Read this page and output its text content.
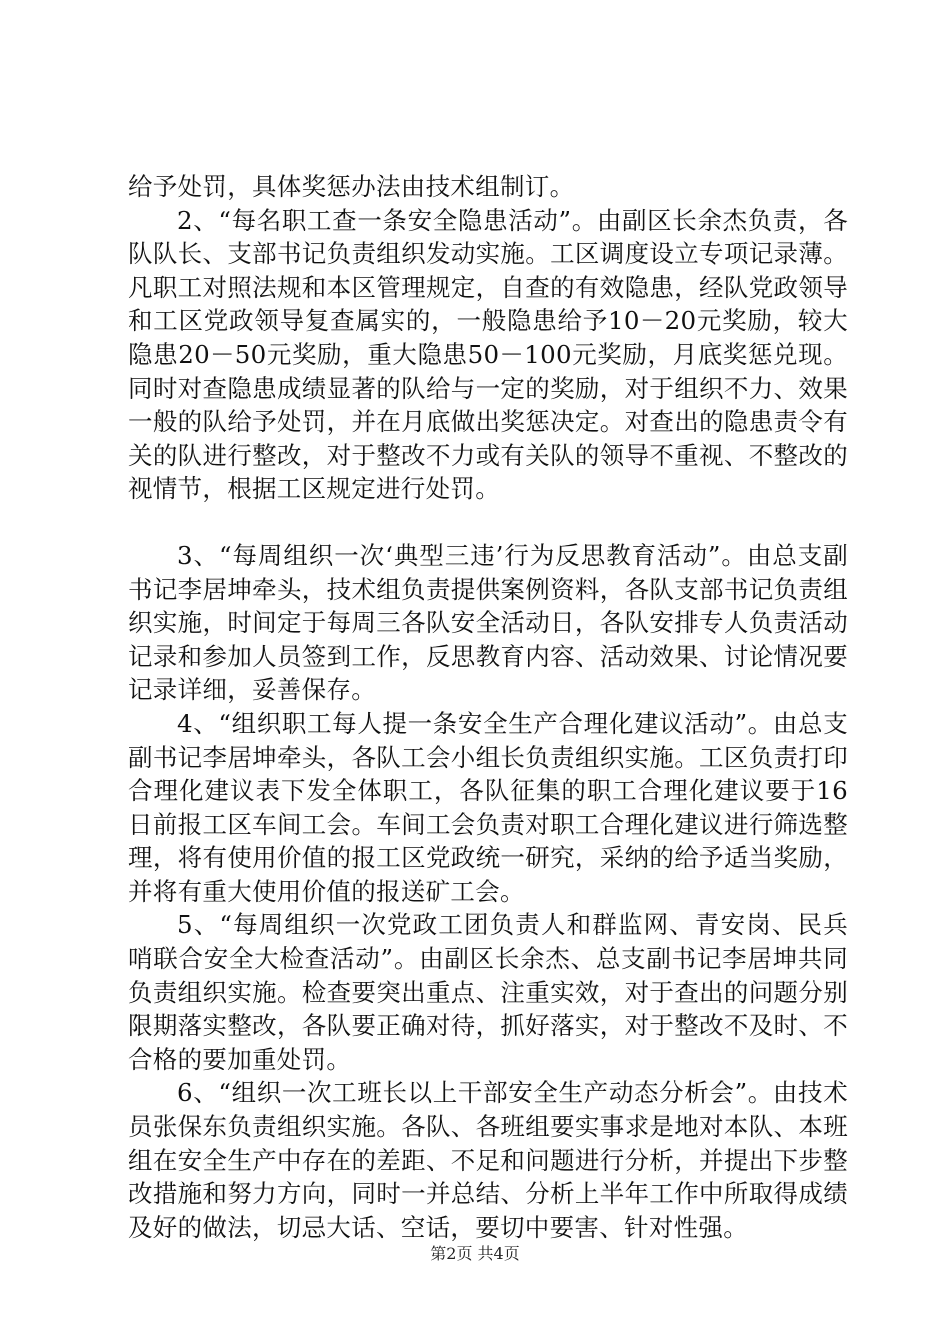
给予处罚，具体奖惩办法由技术组制订。

2、“每名职工查一条安全隐患活动”。由副区长余杰负责，各队队长、支部书记负责组织发动实施。工区调度设立专项记录薄。凡职工对照法规和本区管理规定，自查的有效隐患，经队党政领导和工区党政领导复查属实的，一般隐患给予10－20元奖励，较大隐患20－50元奖励，重大隐患50－100元奖励，月底奖惩兑现。同时对查隐患成绩显著的队给与一定的奖励，对于组织不力、效果一般的队给予处罚，并在月底做出奖惩决定。对查出的隐患责令有关的队进行整改，对于整改不力或有关队的领导不重视、不整改的视情节，根据工区规定进行处罚。

3、“每周组织一次‘典型三违’行为反思教育活动”。由总支副书记李居坤牵头，技术组负责提供案例资料，各队支部书记负责组织实施，时间定于每周三各队安全活动日，各队安排专人负责活动记录和参加人员签到工作，反思教育内容、活动效果、讨论情况要记录详细，妥善保存。

4、“组织职工每人提一条安全生产合理化建议活动”。由总支副书记李居坤牵头，各队工会小组长负责组织实施。工区负责打印合理化建议表下发全体职工，各队征集的职工合理化建议要于16日前报工区车间工会。车间工会负责对职工合理化建议进行筛选整理，将有使用价值的报工区党政统一研究，采纳的给予适当奖励，并将有重大使用价值的报送矿工会。

5、“每周组织一次党政工团负责人和群监网、青安岗、民兵哨联合安全大检查活动”。由副区长余杰、总支副书记李居坤共同负责组织实施。检查要突出重点、注重实效，对于查出的问题分别限期落实整改，各队要正确对待，抓好落实，对于整改不及时、不合格的要加重处罚。

6、“组织一次工班长以上干部安全生产动态分析会”。由技术员张保东负责组织实施。各队、各班组要实事求是地对本队、本班组在安全生产中存在的差距、不足和问题进行分析，并提出下步整改措施和努力方向，同时一并总结、分析上半年工作中所取得成绩及好的做法，切忌大话、空话，要切中要害、针对性强。

第2页 共4页
